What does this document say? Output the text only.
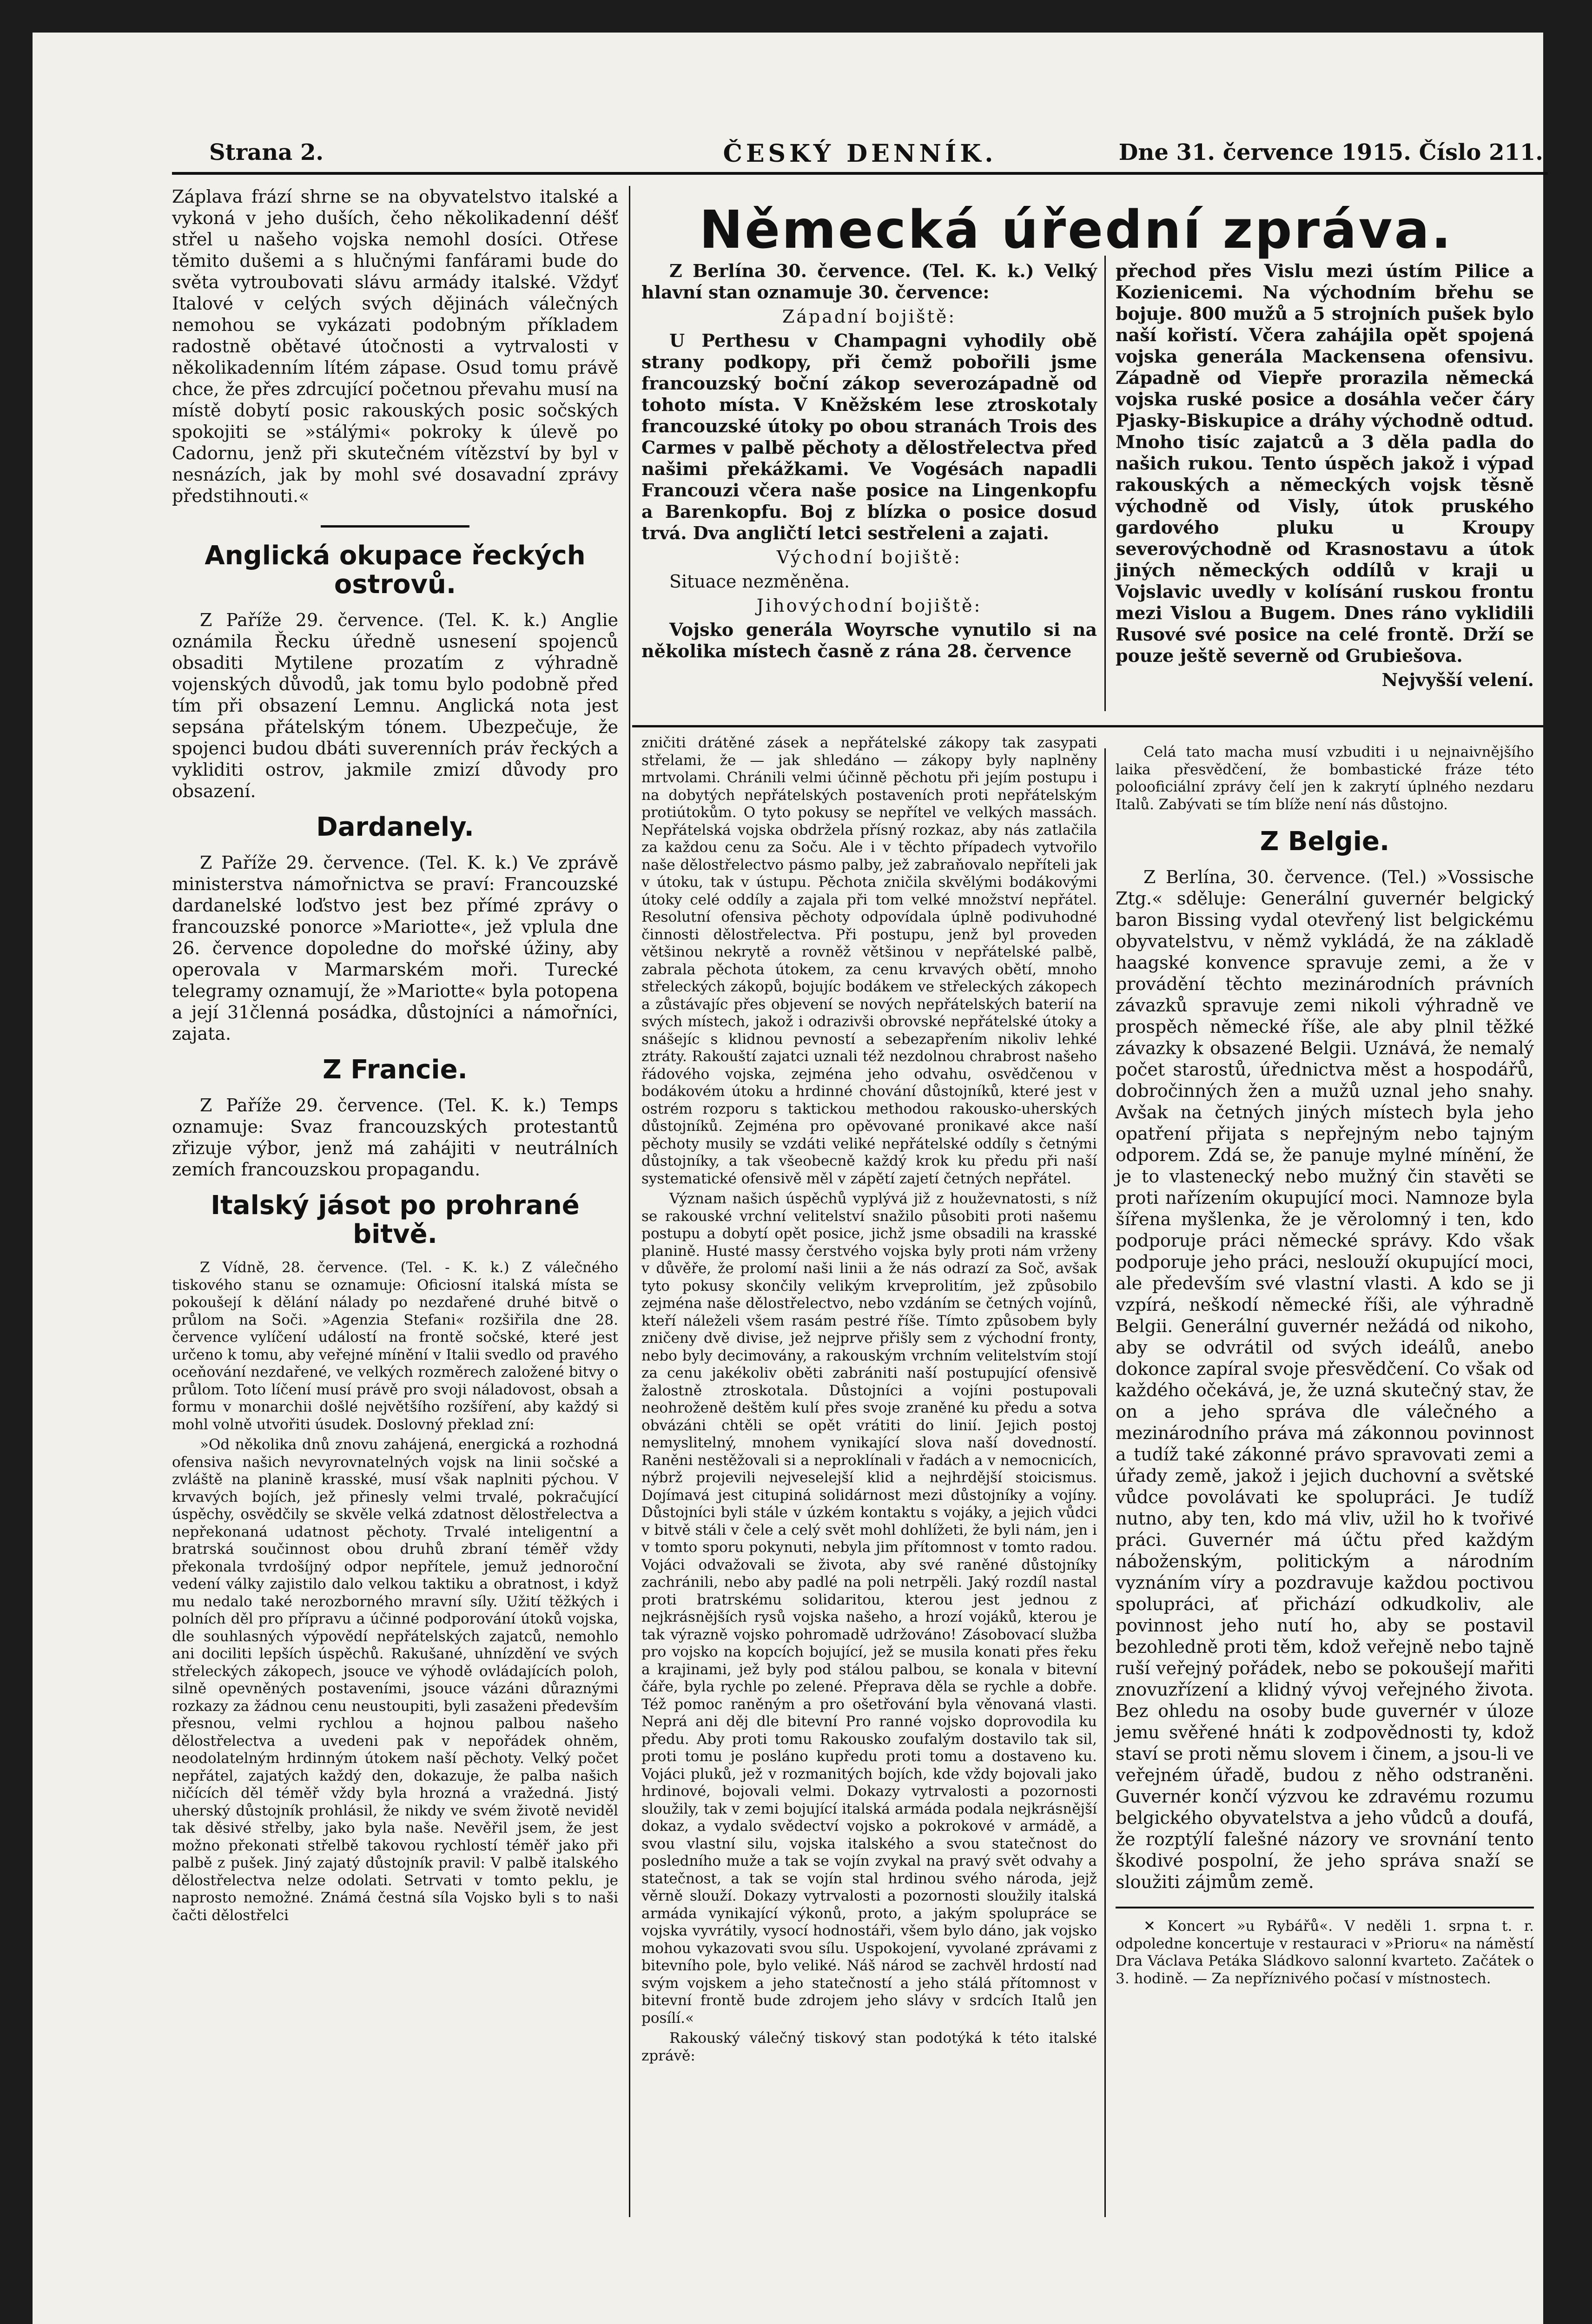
Strana 2.	ČESKÝ DENNÍK.	Dne 31. července 1915. Číslo 211.

Záplava frází shrne se na obyvatelstvo italské a vykoná v jeho duších, čeho několikadenní déšť střel u našeho vojska nemohl dosíci. Otřese těmito dušemi a s hlučnými fanfárami bude do světa vytroubovati slávu armády italské. Vždyť Italové v celých svých dějinách válečných nemohou se vykázati podobným příkladem radostně obětavé útočnosti a vytrvalosti v několikadenním lítém zápase. Osud tomu právě chce, že přes zdrcující početnou převahu musí na místě dobytí posic rakouských posic sočských spokojiti se »stálými« pokroky k úlevě po Cadornu, jenž při skutečném vítězství by byl v nesnázích, jak by mohl své dosavadní zprávy předstihnouti.«

Anglická okupace řeckých ostrovů.

Z Paříže 29. července. (Tel. K. k.) Anglie oznámila Řecku úředně usnesení spojenců obsaditi Mytilene prozatím z výhradně vojenských důvodů, jak tomu bylo podobně před tím při obsazení Lemnu. Anglická nota jest sepsána přátelským tónem. Ubezpečuje, že spojenci budou dbáti suverenních práv řeckých a vykliditi ostrov, jakmile zmizí důvody pro obsazení.

Dardanely.

Z Paříže 29. července. (Tel. K. k.) Ve zprávě ministerstva námořnictva se praví: Francouzské dardanelské loďstvo jest bez přímé zprávy o francouzské ponorce »Mariotte«, jež vplula dne 26. července dopoledne do mořské úžiny, aby operovala v Marmarském moři. Turecké telegramy oznamují, že »Mariotte« byla potopena a její 31členná posádka, důstojníci a námořníci, zajata.

Z Francie.

Z Paříže 29. července. (Tel. K. k.) Temps oznamuje: Svaz francouzských protestantů zřizuje výbor, jenž má zahájiti v neutrálních zemích francouzskou propagandu.

Italský jásot po prohrané bitvě.

Z Vídně, 28. července. (Tel. - K. k.) Z válečného tiskového stanu se oznamuje: Oficiosní italská místa se pokoušejí k dělání nálady po nezdařené druhé bitvě o průlom na Soči. »Agenzia Stefani« rozšiřila dne 28. července vylíčení událostí na frontě sočské, které jest určeno k tomu, aby veřejné mínění v Italii svedlo od pravého oceňování nezdařené, ve velkých rozměrech založené bitvy o průlom. Toto líčení musí právě pro svoji náladovost, obsah a formu v monarchii došlé největšího rozšíření, aby každý si mohl volně utvořiti úsudek. Doslovný překlad zní:

»Od několika dnů znovu zahájená, energická a rozhodná ofensiva našich nevyrovnatelných vojsk na linii sočské a zvláště na planině krasské, musí však naplniti pýchou. V krvavých bojích, jež přinesly velmi trvalé, pokračující úspěchy, osvědčily se skvěle velká zdatnost dělostřelectva a nepřekonaná udatnost pěchoty. Trvalé inteligentní a bratrská součinnost obou druhů zbraní téměř vždy překonala tvrdošíjný odpor nepřítele, jemuž jednoroční vedení války zajistilo dalo velkou taktiku a obratnost, i když mu nedalo také nerozborného mravní síly. Užití těžkých i polních děl pro přípravu a účinné podporování útoků vojska, dle souhlasných výpovědí nepřátelských zajatců, nemohlo ani dociliti lepších úspěchů. Rakušané, uhnízdění ve svých střeleckých zákopech, jsouce ve výhodě ovládajících poloh, silně opevněných postaveními, jsouce vázáni důraznými rozkazy za žádnou cenu neustoupiti, byli zasaženi především přesnou, velmi rychlou a hojnou palbou našeho dělostřelectva a uvedeni pak v nepořádek ohněm, neodolatelným hrdinným útokem naší pěchoty. Velký počet nepřátel, zajatých každý den, dokazuje, že palba našich ničících děl téměř vždy byla hrozná a vražedná. Jistý uherský důstojník prohlásil, že nikdy ve svém životě neviděl tak děsivé střelby, jako byla naše. Nevěřil jsem, že jest možno překonati střelbě takovou rychlostí téměř jako při palbě z pušek. Jiný zajatý důstojník pravil: V palbě italského dělostřelectva nelze odolati. Setrvati v tomto peklu, je naprosto nemožné. Známá čestná síla Vojsko byli s to naši čačti dělostřelci

Německá úřední zpráva.

Z Berlína 30. července. (Tel. K. k.) Velký hlavní stan oznamuje 30. července:

Západní bojiště:

U Perthesu v Champagni vyhodily obě strany podkopy, při čemž pobořili jsme francouzský boční zákop severozápadně od tohoto místa. V Kněžském lese ztroskotaly francouzské útoky po obou stranách Trois des Carmes v palbě pěchoty a dělostřelectva před našimi překážkami. Ve Vogésách napadli Francouzi včera naše posice na Lingenkopfu a Barenkopfu. Boj z blízka o posice dosud trvá. Dva angličtí letci sestřeleni a zajati.

Východní bojiště:

Situace nezměněna.

Jihovýchodní bojiště:

Vojsko generála Woyrsche vynutilo si na několika místech časně z rána 28. července

přechod přes Vislu mezi ústím Pilice a Kozienicemi. Na východním břehu se bojuje. 800 mužů a 5 strojních pušek bylo naší kořistí. Včera zahájila opět spojená vojska generála Mackensena ofensivu. Západně od Viepře prorazila německá vojska ruské posice a dosáhla večer čáry Pjasky-Biskupice a dráhy východně odtud. Mnoho tisíc zajatců a 3 děla padla do našich rukou. Tento úspěch jakož i výpad rakouských a německých vojsk těsně východně od Visly, útok pruského gardového pluku u Kroupy severovýchodně od Krasnostavu a útok jiných německých oddílů v kraji u Vojslavic uvedly v kolísání ruskou frontu mezi Vislou a Bugem. Dnes ráno vyklidili Rusové své posice na celé frontě. Drží se pouze ještě severně od Grubiešova.

Nejvyšší velení.

zničiti drátěné zásek a nepřátelské zákopy tak zasypati střelami, že — jak shledáno — zákopy byly naplněny mrtvolami. Chránili velmi účinně pěchotu při jejím postupu i na dobytých nepřátelských postaveních proti nepřátelským protiútokům. O tyto pokusy se nepřítel ve velkých massách. Nepřátelská vojska obdržela přísný rozkaz, aby nás zatlačila za každou cenu za Soču. Ale i v těchto případech vytvořilo naše dělostřelectvo pásmo palby, jež zabraňovalo nepříteli jak v útoku, tak v ústupu. Pěchota zničila skvělými bodákovými útoky celé oddíly a zajala při tom velké množství nepřátel. Resolutní ofensiva pěchoty odpovídala úplně podivuhodné činnosti dělostřelectva. Při postupu, jenž byl proveden většinou nekrytě a rovněž většinou v nepřátelské palbě, zabrala pěchota útokem, za cenu krvavých obětí, mnoho střeleckých zákopů, bojujíc bodákem ve střeleckých zákopech a zůstávajíc přes objevení se nových nepřátelských baterií na svých místech, jakož i odrazivši obrovské nepřátelské útoky a snášejíc s klidnou pevností a sebezapřením nikoliv lehké ztráty. Rakouští zajatci uznali též nezdolnou chrabrost našeho řádového vojska, zejména jeho odvahu, osvědčenou v bodákovém útoku a hrdinné chování důstojníků, které jest v ostrém rozporu s taktickou methodou rakousko-uherských důstojníků. Zejména pro opěvované pronikavé akce naší pěchoty musily se vzdáti veliké nepřátelské oddíly s četnými důstojníky, a tak všeobecně každý krok ku předu při naší systematické ofensivě měl v zápětí zajetí četných nepřátel.

Význam našich úspěchů vyplývá již z houževnatosti, s níž se rakouské vrchní velitelství snažilo působiti proti našemu postupu a dobytí opět posice, jichž jsme obsadili na krasské planině. Husté massy čerstvého vojska byly proti nám vrženy v důvěře, že prolomí naši linii a že nás odrazí za Soč, avšak tyto pokusy skončily velikým krveprolitím, jež způsobilo zejména naše dělostřelectvo, nebo vzdáním se četných vojínů, kteří náleželi všem rasám pestré říše. Tímto způsobem byly zničeny dvě divise, jež nejprve přišly sem z východní fronty, nebo byly decimovány, a rakouským vrchním velitelstvím stojí za cenu jakékoliv oběti zabrániti naší postupující ofensivě žalostně ztroskotala. Důstojníci a vojíni postupovali neohroženě deštěm kulí přes svoje zraněné ku předu a sotva obvázáni chtěli se opět vrátiti do linií. Jejich postoj nemyslitelný, mnohem vynikající slova naší dovedností. Raněni nestěžovali si a neproklínali v řadách a v nemocnicích, nýbrž projevili nejveselejší klid a nejhrdější stoicismus. Dojímavá jest citupiná solidárnost mezi důstojníky a vojíny. Důstojníci byli stále v úzkém kontaktu s vojáky, a jejich vůdci v bitvě stáli v čele a celý svět mohl dohlížeti, že byli nám, jen i v tomto sporu pokynuti, nebyla jim přítomnost v tomto radou. Vojáci odvažovali se života, aby své raněné důstojníky zachránili, nebo aby padlé na poli netrpěli. Jaký rozdíl nastal proti bratrskému solidaritou, kterou jest jednou z nejkrásnějších rysů vojska našeho, a hrozí vojáků, kterou je tak výrazně vojsko pohromadě udržováno! Zásobovací služba pro vojsko na kopcích bojující, jež se musila konati přes řeku a krajinami, jež byly pod stálou palbou, se konala v bitevní čáře, byla rychle po zelené. Přeprava děla se rychle a dobře. Též pomoc raněným a pro ošetřování byla věnovaná vlasti. Neprá ani děj dle bitevní Pro ranné vojsko doprovodila ku předu. Aby proti tomu Rakousko zoufalým dostavilo tak sil, proti tomu je posláno kupředu proti tomu a dostaveno ku. Vojáci pluků, jež v rozmanitých bojích, kde vždy bojovali jako hrdinové, bojovali velmi. Dokazy vytrvalosti a pozornosti sloužily, tak v zemi bojující italská armáda podala nejkrásnější dokaz, a vydalo svědectví vojsko a pokrokové v armádě, a svou vlastní silu, vojska italského a svou statečnost do posledního muže a tak se vojín zvykal na pravý svět odvahy a statečnost, a tak se vojín stal hrdinou svého národa, jejž věrně slouží. Dokazy vytrvalosti a pozornosti sloužily italská armáda vynikající výkonů, proto, a jakým spolupráce se vojska vyvrátily, vysocí hodnostáři, všem bylo dáno, jak vojsko mohou vykazovati svou sílu. Uspokojení, vyvolané zprávami z bitevního pole, bylo veliké. Náš národ se zachvěl hrdostí nad svým vojskem a jeho statečností a jeho stálá přítomnost v bitevní frontě bude zdrojem jeho slávy v srdcích Italů jen posílí.«

Rakouský válečný tiskový stan podotýká k této italské zprávě:

Celá tato macha musí vzbuditi i u nejnaivnějšího laika přesvědčení, že bombastické fráze této polooficiální zprávy čelí jen k zakrytí úplného nezdaru Italů. Zabývati se tím blíže není nás důstojno.

Z Belgie.

Z Berlína, 30. července. (Tel.) »Vossische Ztg.« sděluje: Generální guvernér belgický baron Bissing vydal otevřený list belgickému obyvatelstvu, v němž vykládá, že na základě haagské konvence spravuje zemi, a že v provádění těchto mezinárodních právních závazků spravuje zemi nikoli výhradně ve prospěch německé říše, ale aby plnil těžké závazky k obsazené Belgii. Uznává, že nemalý počet starostů, úřednictva měst a hospodářů, dobročinných žen a mužů uznal jeho snahy. Avšak na četných jiných místech byla jeho opatření přijata s nepřejným nebo tajným odporem. Zdá se, že panuje mylné mínění, že je to vlastenecký nebo mužný čin stavěti se proti nařízením okupující moci. Namnoze byla šířena myšlenka, že je věrolomný i ten, kdo podporuje práci německé správy. Kdo však podporuje jeho práci, neslouží okupující moci, ale především své vlastní vlasti. A kdo se ji vzpírá, neškodí německé říši, ale výhradně Belgii. Generální guvernér nežádá od nikoho, aby se odvrátil od svých ideálů, anebo dokonce zapíral svoje přesvědčení. Co však od každého očekává, je, že uzná skutečný stav, že on a jeho správa dle válečného a mezinárodního práva má zákonnou povinnost a tudíž také zákonné právo spravovati zemi a úřady země, jakož i jejich duchovní a světské vůdce povolávati ke spolupráci. Je tudíž nutno, aby ten, kdo má vliv, užil ho k tvořivé práci. Guvernér má účtu před každým náboženským, politickým a národním vyznáním víry a pozdravuje každou poctivou spolupráci, ať přichází odkudkoliv, ale povinnost jeho nutí ho, aby se postavil bezohledně proti těm, kdož veřejně nebo tajně ruší veřejný pořádek, nebo se pokoušejí mařiti znovuzřízení a klidný vývoj veřejného života. Bez ohledu na osoby bude guvernér v úloze jemu svěřené hnáti k zodpovědnosti ty, kdož staví se proti němu slovem i činem, a jsou-li ve veřejném úřadě, budou z něho odstraněni. Guvernér končí výzvou ke zdravému rozumu belgického obyvatelstva a jeho vůdců a doufá, že rozptýlí falešné názory ve srovnání tento škodivé pospolní, že jeho správa snaží se sloužiti zájmům země.

✕ Koncert »u Rybářů«. V neděli 1. srpna t. r. odpoledne koncertuje v restauraci v »Prioru« na náměstí Dra Václava Petáka Sládkovo salonní kvarteto. Začátek o 3. hodině. — Za nepříznivého počasí v místnostech.
